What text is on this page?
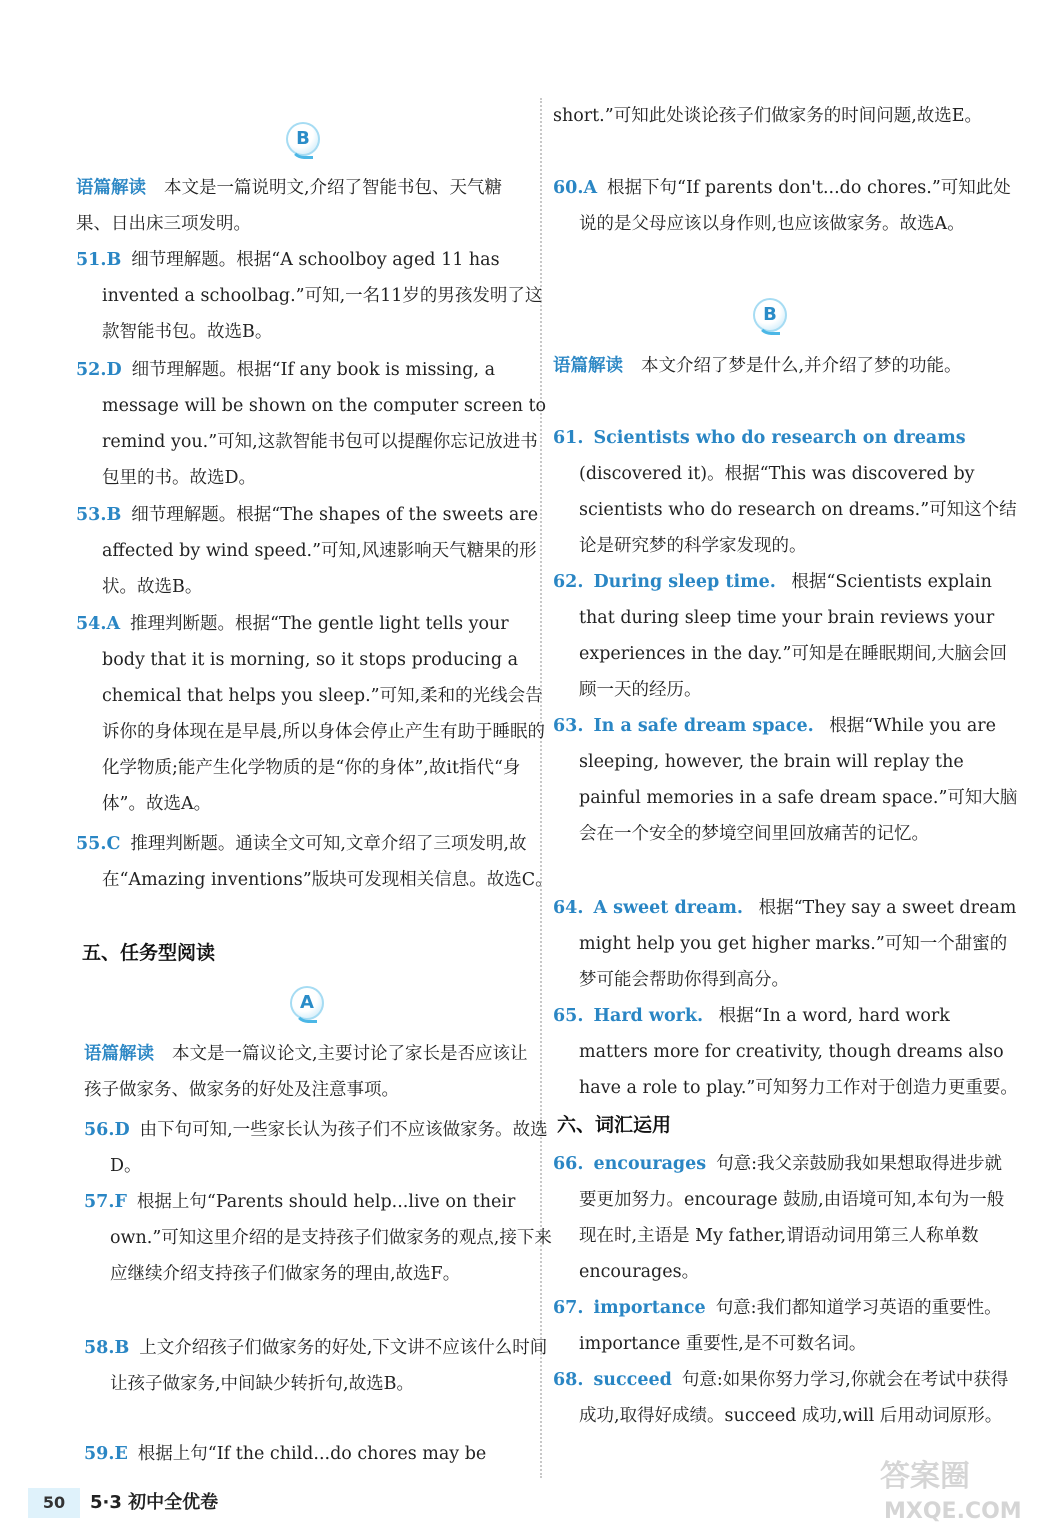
B
语篇解读 本文是一篇说明文,介绍了智能书包、天气糖果、日出床三项发明。
51.B 细节理解题。根据“A schoolboy aged 11 has invented a schoolbag.”可知,一名11岁的男孩发明了这款智能书包。故选B。
52.D 细节理解题。根据“If any book is missing, a message will be shown on the computer screen to remind you.”可知,这款智能书包可以提醒你忘记放进书包里的书。故选D。
53.B 细节理解题。根据“The shapes of the sweets are affected by wind speed.”可知,风速影响天气糖果的形状。故选B。
54.A 推理判断题。根据“The gentle light tells your body that it is morning, so it stops producing a chemical that helps you sleep.”可知,柔和的光线会告诉你的身体现在是早晨,所以身体会停止产生有助于睡眠的化学物质;能产生化学物质的是“你的身体”,故it指代“身体”。故选A。
55.C 推理判断题。通读全文可知,文章介绍了三项发明,故在“Amazing inventions”版块可发现相关信息。故选C。
五、任务型阅读
A
语篇解读 本文是一篇议论文,主要讨论了家长是否应该让孩子做家务、做家务的好处及注意事项。
56.D 由下句可知,一些家长认为孩子们不应该做家务。故选D。
57.F 根据上句“Parents should help...live on their own.”可知这里介绍的是支持孩子们做家务的观点,接下来应继续介绍支持孩子们做家务的理由,故选F。
58.B 上文介绍孩子们做家务的好处,下文讲不应该什么时间让孩子做家务,中间缺少转折句,故选B。
59.E 根据上句“If the child...do chores may be
short.”可知此处谈论孩子们做家务的时间问题,故选E。
60.A 根据下句“If parents don't...do chores.”可知此处说的是父母应该以身作则,也应该做家务。故选A。
B
语篇解读 本文介绍了梦是什么,并介绍了梦的功能。
61. Scientists who do research on dreams (discovered it)。根据“This was discovered by scientists who do research on dreams.”可知这个结论是研究梦的科学家发现的。
62. During sleep time. 根据“Scientists explain that during sleep time your brain reviews your experiences in the day.”可知是在睡眠期间,大脑会回顾一天的经历。
63. In a safe dream space. 根据“While you are sleeping, however, the brain will replay the painful memories in a safe dream space.”可知大脑会在一个安全的梦境空间里回放痛苦的记忆。
64. A sweet dream. 根据“They say a sweet dream might help you get higher marks.”可知一个甜蜜的梦可能会帮助你得到高分。
65. Hard work. 根据“In a word, hard work matters more for creativity, though dreams also have a role to play.”可知努力工作对于创造力更重要。
六、词汇运用
66. encourages 句意:我父亲鼓励我如果想取得进步就要更加努力。encourage 鼓励,由语境可知,本句为一般现在时,主语是 My father,谓语动词用第三人称单数 encourages。
67. importance 句意:我们都知道学习英语的重要性。importance 重要性,是不可数名词。
68. succeed 句意:如果你努力学习,你就会在考试中获得成功,取得好成绩。succeed 成功,will 后用动词原形。
50	5·3 初中全优卷
答案圈
MXQE.COM
